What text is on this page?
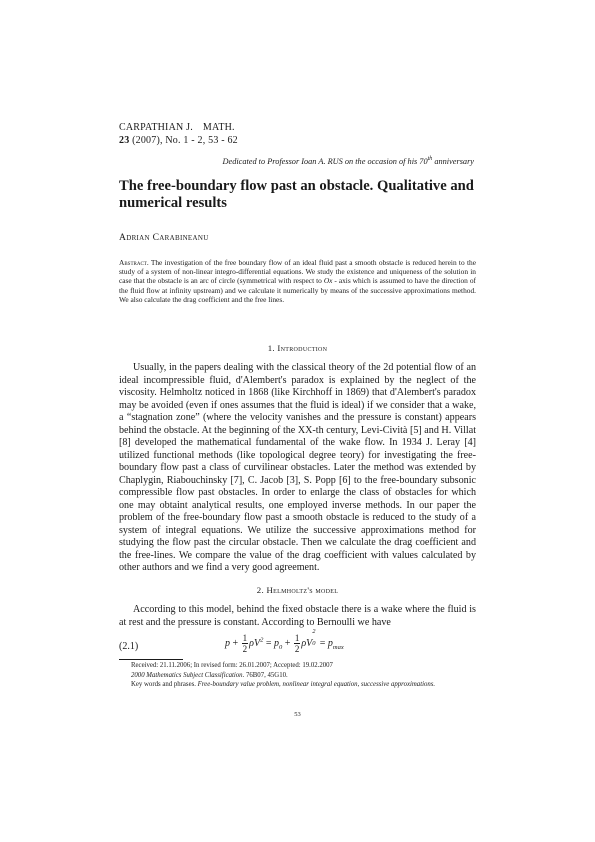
CARPATHIAN J. MATH.
23 (2007), No. 1 - 2, 53 - 62
Dedicated to Professor Ioan A. RUS on the occasion of his 70th anniversary
The free-boundary flow past an obstacle. Qualitative and numerical results
Adrian Carabineanu
Abstract. The investigation of the free boundary flow of an ideal fluid past a smooth obstacle is reduced herein to the study of a system of non-linear integro-differential equations. We study the existence and uniqueness of the solution in case that the obstacle is an arc of circle (symmetrical with respect to Ox - axis which is assumed to have the direction of the fluid flow at infinity upstream) and we calculate it numerically by means of the successive approximations method. We also calculate the drag coefficient and the free lines.
1. Introduction
Usually, in the papers dealing with the classical theory of the 2d potential flow of an ideal incompressible fluid, d'Alembert's paradox is explained by the neglect of the viscosity. Helmholtz noticed in 1868 (like Kirchhoff in 1869) that d'Alembert's paradox may be avoided (even if ones assumes that the fluid is ideal) if we consider that a wake, a “stagnation zone” (where the velocity vanishes and the pressure is constant) appears behind the obstacle. At the beginning of the XX-th century, Levi-Cività [5] and H. Villat [8] developed the mathematical fundamental of the wake flow. In 1934 J. Leray [4] utilized functional methods (like topological degree teory) for investigating the free-boundary flow past a class of curvilinear obstacles. Later the method was extended by Chaplygin, Riabouchinsky [7], C. Jacob [3], S. Popp [6] to the free-boundary subsonic compressible flow past obstacles. In order to enlarge the class of obstacles for which one may obtaint analytical results, one employed inverse methods. In our paper the problem of the free-boundary flow past a smooth obstacle is reduced to the study of a system of integral equations. We utilize the successive approximations method for studying the flow past the circular obstacle. Then we calculate the drag coefficient and the free-lines. We compare the value of the drag coefficient with values calculated by other authors and we find a very good agreement.
2. Helmholtz's model
According to this model, behind the fixed obstacle there is a wake where the fluid is at rest and the pressure is constant. According to Bernoulli we have
(2.1)	$p + \frac{1}{2} \rho V^2 = p_0 + \frac{1}{2}$ ρV
2
$0 = p_{max}$
Received: 21.11.2006; In revised form: 26.01.2007; Accepted: 19.02.2007
2000 Mathematics Subject Classification. 76B07, 45G10.
Key words and phrases. Free-boundary value problem, nonlinear integral equation, successive approximations.
53
